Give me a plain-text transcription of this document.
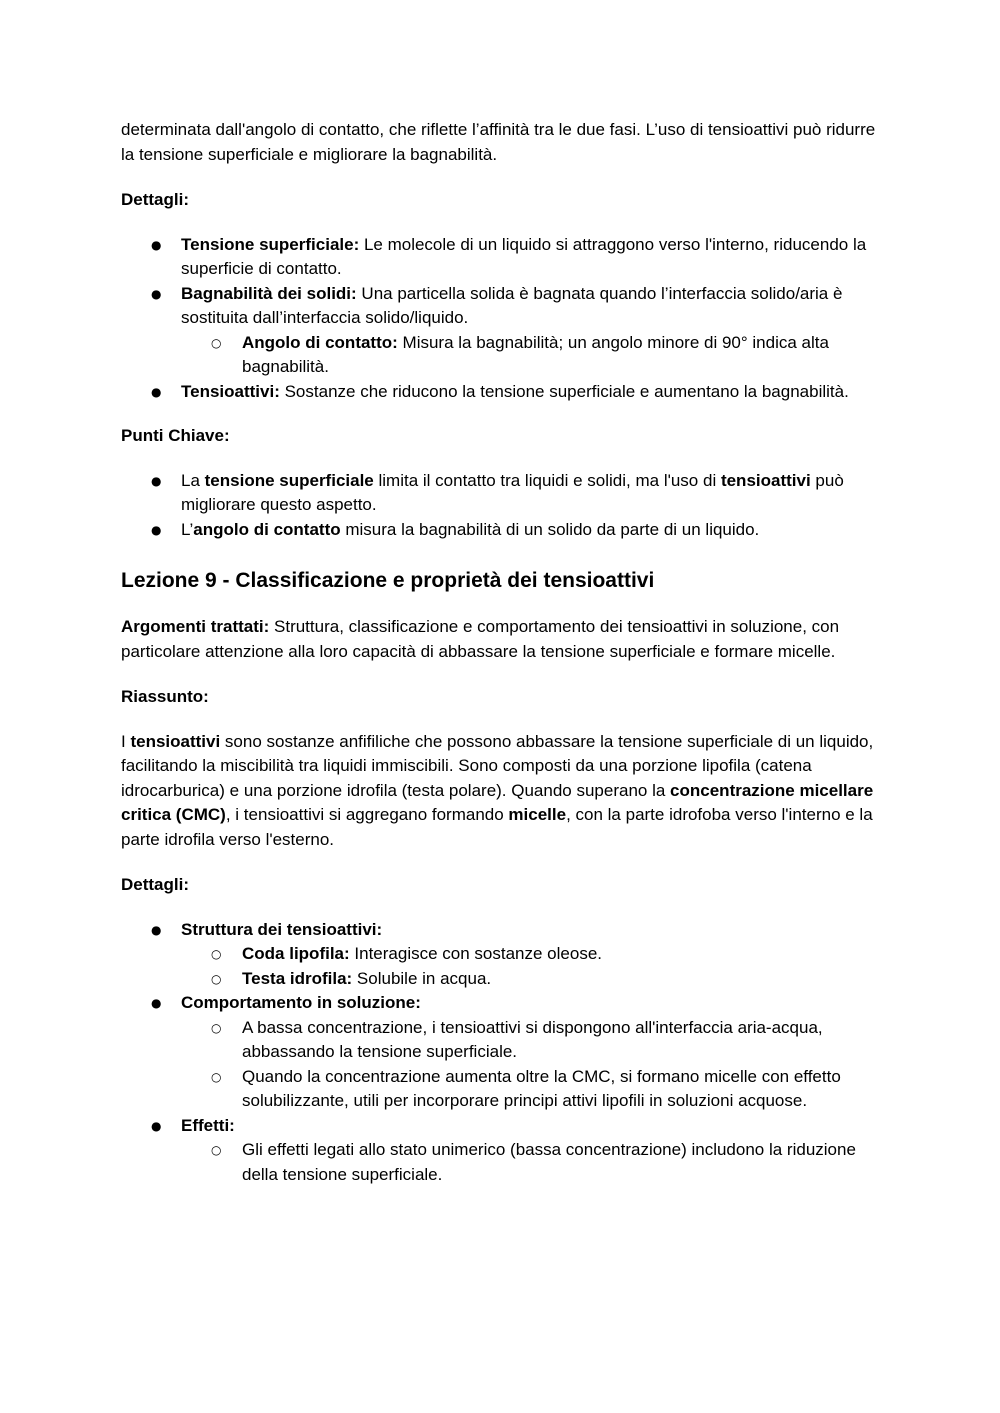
determinata dall'angolo di contatto, che riflette l’affinità tra le due fasi. L’uso di tensioattivi può ridurre la tensione superficiale e migliorare la bagnabilità.

Dettagli:

● Tensione superficiale: Le molecole di un liquido si attraggono verso l'interno, riducendo la superficie di contatto.
● Bagnabilità dei solidi: Una particella solida è bagnata quando l’interfaccia solido/aria è sostituita dall’interfaccia solido/liquido.
○ Angolo di contatto: Misura la bagnabilità; un angolo minore di 90° indica alta bagnabilità.
● Tensioattivi: Sostanze che riducono la tensione superficiale e aumentano la bagnabilità.

Punti Chiave:

● La tensione superficiale limita il contatto tra liquidi e solidi, ma l'uso di tensioattivi può migliorare questo aspetto.
● L’angolo di contatto misura la bagnabilità di un solido da parte di un liquido.
Lezione 9 - Classificazione e proprietà dei tensioattivi

Argomenti trattati: Struttura, classificazione e comportamento dei tensioattivi in soluzione, con particolare attenzione alla loro capacità di abbassare la tensione superficiale e formare micelle.

Riassunto:

I tensioattivi sono sostanze anfifiliche che possono abbassare la tensione superficiale di un liquido, facilitando la miscibilità tra liquidi immiscibili. Sono composti da una porzione lipofila (catena idrocarburica) e una porzione idrofila (testa polare). Quando superano la concentrazione micellare critica (CMC), i tensioattivi si aggregano formando micelle, con la parte idrofoba verso l'interno e la parte idrofila verso l'esterno.

Dettagli:

● Struttura dei tensioattivi:
○ Coda lipofila: Interagisce con sostanze oleose.
○ Testa idrofila: Solubile in acqua.
● Comportamento in soluzione:
○ A bassa concentrazione, i tensioattivi si dispongono all'interfaccia aria-acqua, abbassando la tensione superficiale.
○ Quando la concentrazione aumenta oltre la CMC, si formano micelle con effetto solubilizzante, utili per incorporare principi attivi lipofili in soluzioni acquose.
● Effetti:
○ Gli effetti legati allo stato unimerico (bassa concentrazione) includono la riduzione della tensione superficiale.
